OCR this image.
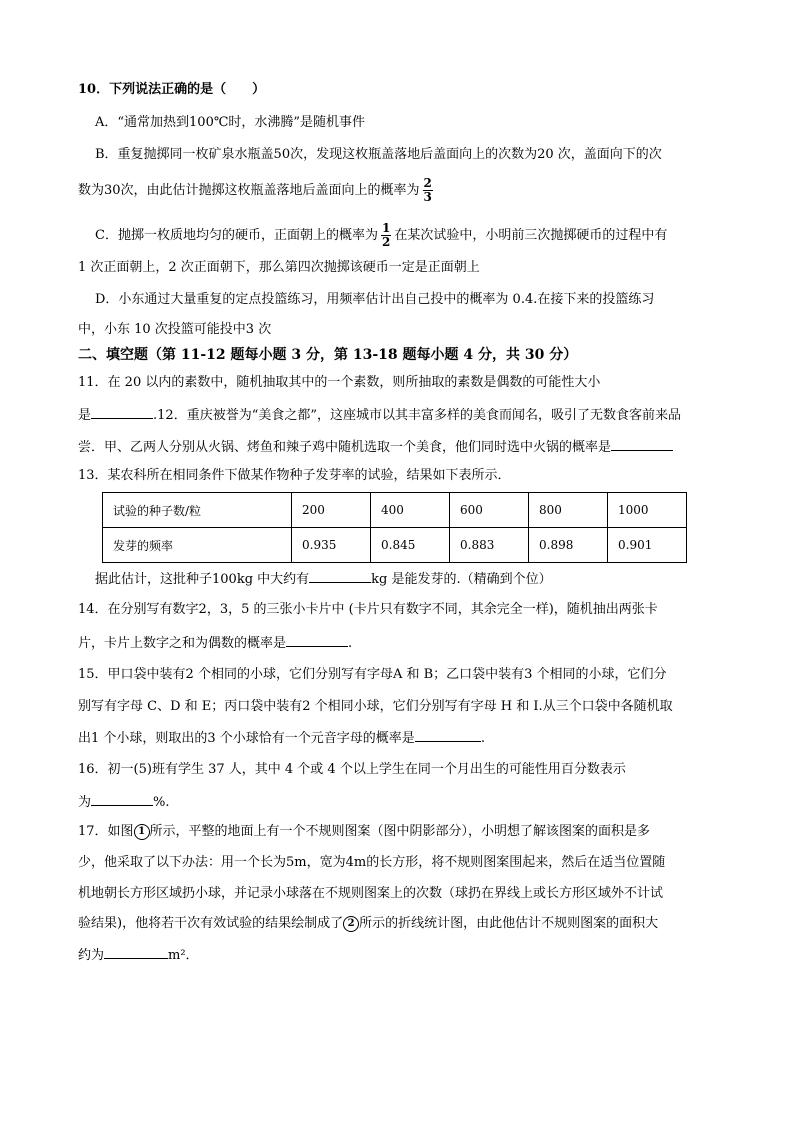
10．下列说法正确的是（　　）
A．“通常加热到100℃时，水沸腾”是随机事件
B．重复抛掷同一枚矿泉水瓶盖50次，发现这枚瓶盖落地后盖面向上的次数为20 次，盖面向下的次
数为30次，由此估计抛掷这枚瓶盖落地后盖面向上的概率为 $\frac{2}{3}$
C．抛掷一枚质地均匀的硬币，正面朝上的概率为 $\frac{1}{2}$ 在某次试验中，小明前三次抛掷硬币的过程中有
1 次正面朝上，2 次正面朝下，那么第四次抛掷该硬币一定是正面朝上
D．小东通过大量重复的定点投篮练习，用频率估计出自己投中的概率为 0.4.在接下来的投篮练习
中，小东 10 次投篮可能投中3 次
二、填空题（第 11-12 题每小题 3 分，第 13-18 题每小题 4 分，共 30 分）
11．在 20 以内的素数中，随机抽取其中的一个素数，则所抽取的素数是偶数的可能性大小
是	.12．重庆被誉为“美食之都”，这座城市以其丰富多样的美食而闻名，吸引了无数食客前来品
尝．甲、乙两人分别从火锅、烤鱼和辣子鸡中随机选取一个美食，他们同时选中火锅的概率是
13．某农科所在相同条件下做某作物种子发芽率的试验，结果如下表所示．
试验的种子数/粒	200	400	600	800	1000
发芽的频率	0.935	0.845	0.883	0.898	0.901
据此估计，这批种子100kg 中大约有	kg 是能发芽的.（精确到个位）
14．在分别写有数字2，3，5 的三张小卡片中 (卡片只有数字不同，其余完全一样)，随机抽出两张卡
片，卡片上数字之和为偶数的概率是	.
15．甲口袋中装有2 个相同的小球，它们分别写有字母A 和 B；乙口袋中装有3 个相同的小球，它们分
别写有字母 C、D 和 E；丙口袋中装有2 个相同小球，它们分别写有字母 H 和 I.从三个口袋中各随机取
出1 个小球，则取出的3 个小球恰有一个元音字母的概率是	.
16．初一(5)班有学生 37 人，其中 4 个或 4 个以上学生在同一个月出生的可能性用百分数表示
为	%.
17．如图 1 所示，平整的地面上有一个不规则图案（图中阴影部分），小明想了解该图案的面积是多
少，他采取了以下办法：用一个长为5m，宽为4m的长方形，将不规则图案围起来，然后在适当位置随
机地朝长方形区域扔小球，并记录小球落在不规则图案上的次数（球扔在界线上或长方形区域外不计试
验结果)，他将若干次有效试验的结果绘制成了 2 所示的折线统计图，由此他估计不规则图案的面积大
约为	m²．
